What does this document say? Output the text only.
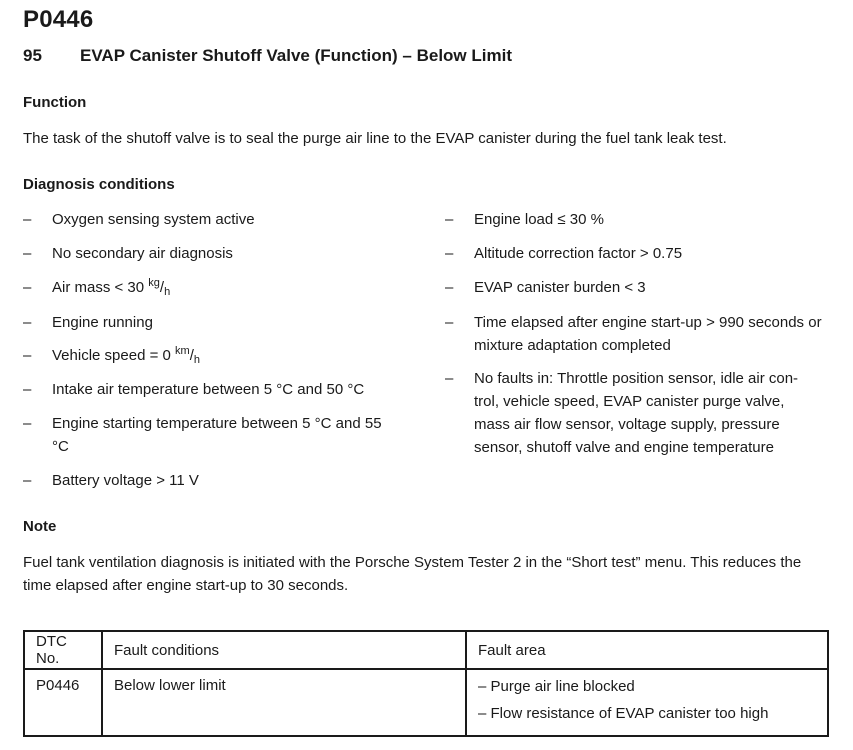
P0446
95 EVAP Canister Shutoff Valve (Function) – Below Limit
Function
The task of the shutoff valve is to seal the purge air line to the EVAP canister during the fuel tank leak test.
Diagnosis conditions
– Oxygen sensing system active
– No secondary air diagnosis
– Air mass < 30 $^{kg}/_h$
– Engine running
– Vehicle speed = 0 $^{km}/_h$
– Intake air temperature between 5 °C and 50 °C
– Engine starting temperature between 5 °C and 55 °C
– Battery voltage > 11 V
– Engine load ≤ 30 %
– Altitude correction factor > 0.75
– EVAP canister burden < 3
– Time elapsed after engine start-up > 990 seconds or mixture adaptation completed
– No faults in: Throttle position sensor, idle air con-trol, vehicle speed, EVAP canister purge valve, mass air flow sensor, voltage supply, pressure sensor, shutoff valve and engine temperature
Note
Fuel tank ventilation diagnosis is initiated with the Porsche System Tester 2 in the “Short test” menu. This reduces the time elapsed after engine start-up to 30 seconds.
DTC No.	Fault conditions	Fault area
P0446	Below lower limit	– Purge air line blocked
– Flow resistance of EVAP canister too high
